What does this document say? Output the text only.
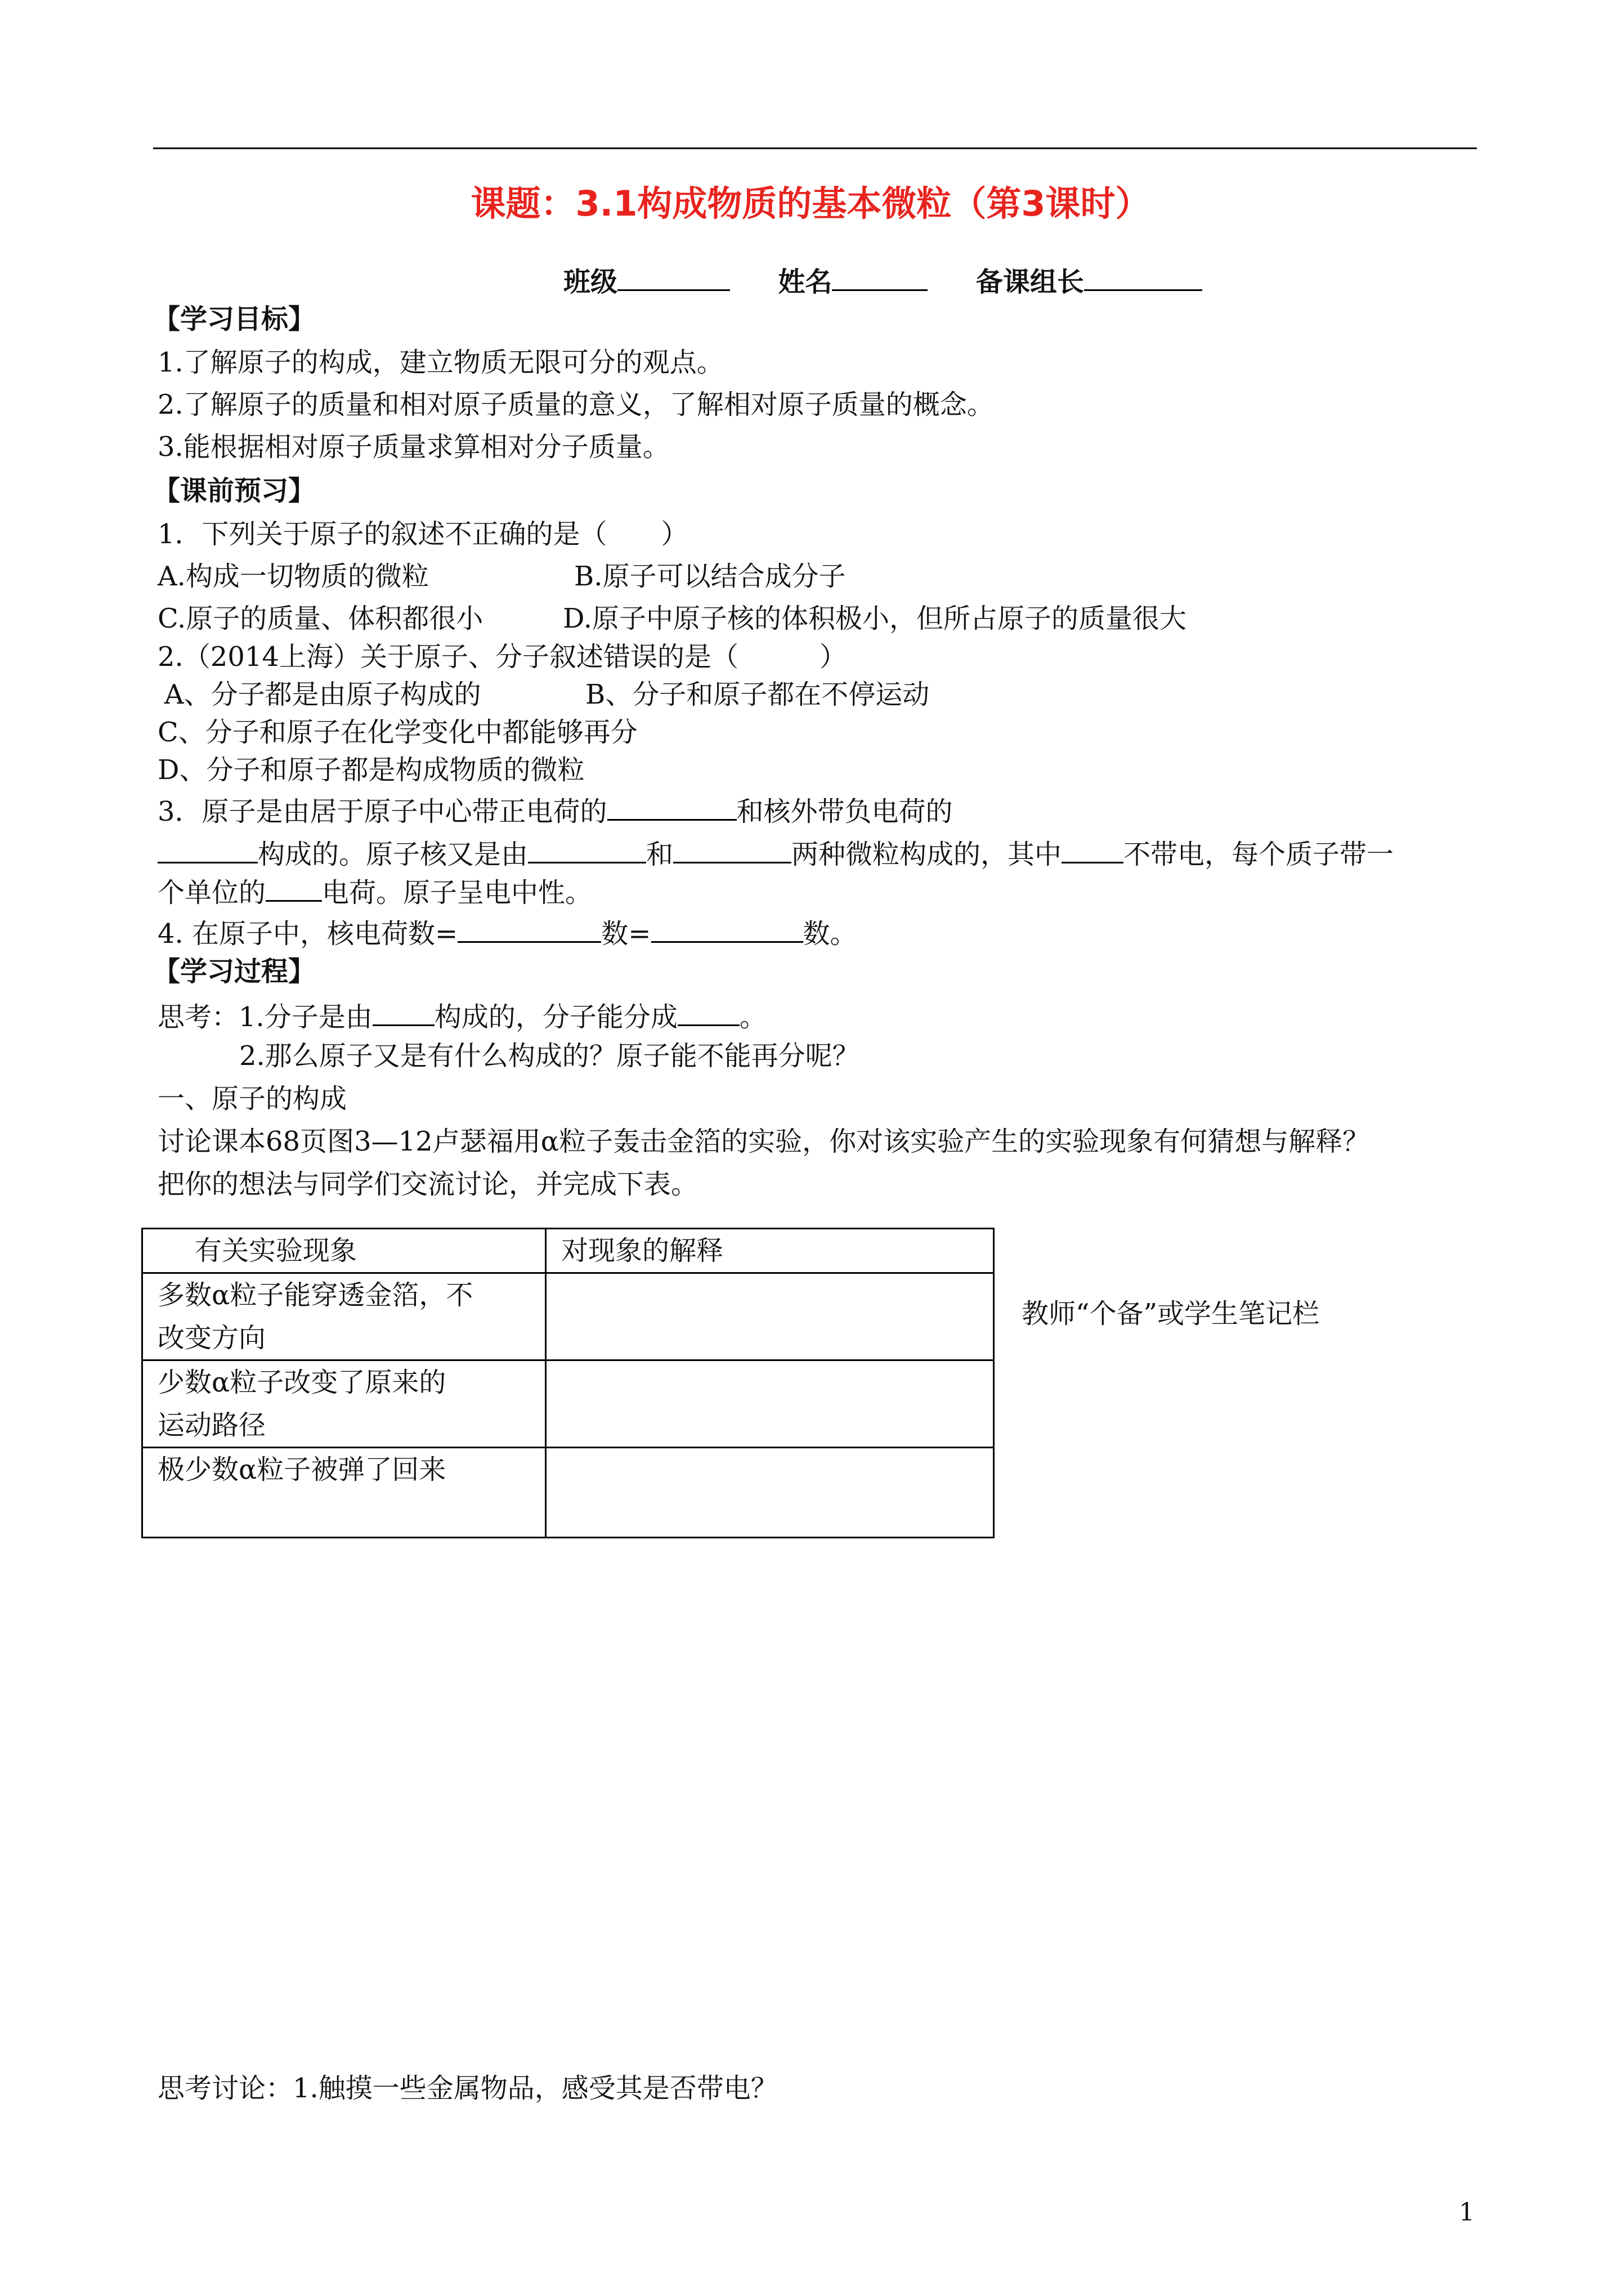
课题：3.1构成物质的基本微粒（第3课时）
班级	姓名	备课组长
【学习目标】
1.了解原子的构成，建立物质无限可分的观点。
2.了解原子的质量和相对原子质量的意义，了解相对原子质量的概念。
3.能根据相对原子质量求算相对分子质量。
【课前预习】
1．下列关于原子的叙述不正确的是（　　）
A.构成一切物质的微粒	B.原子可以结合成分子
C.原子的质量、体积都很小	D.原子中原子核的体积极小，但所占原子的质量很大
2.（2014上海）关于原子、分子叙述错误的是（　　　）
A、分子都是由原子构成的	B、分子和原子都在不停运动
C、分子和原子在化学变化中都能够再分
D、分子和原子都是构成物质的微粒
3．原子是由居于原子中心带正电荷的	和核外带负电荷的
构成的。原子核又是由	和	两种微粒构成的，其中 不带电，每个质子带一
个单位的 电荷。原子呈电中性。
4. 在原子中，核电荷数=	数=	数。
【学习过程】
思考：1.分子是由 构成的，分子能分成 。
2.那么原子又是有什么构成的？原子能不能再分呢？
一、原子的构成
讨论课本68页图3—12卢瑟福用α粒子轰击金箔的实验，你对该实验产生的实验现象有何猜想与解释？
把你的想法与同学们交流讨论，并完成下表。
有关实验现象	对现象的解释

多数α粒子能穿透金箔，不
改变方向	

少数α粒子改变了原来的
运动路径	

极少数α粒子被弹了回来	

教师“个备”或学生笔记栏
思考讨论：1.触摸一些金属物品，感受其是否带电？
1
